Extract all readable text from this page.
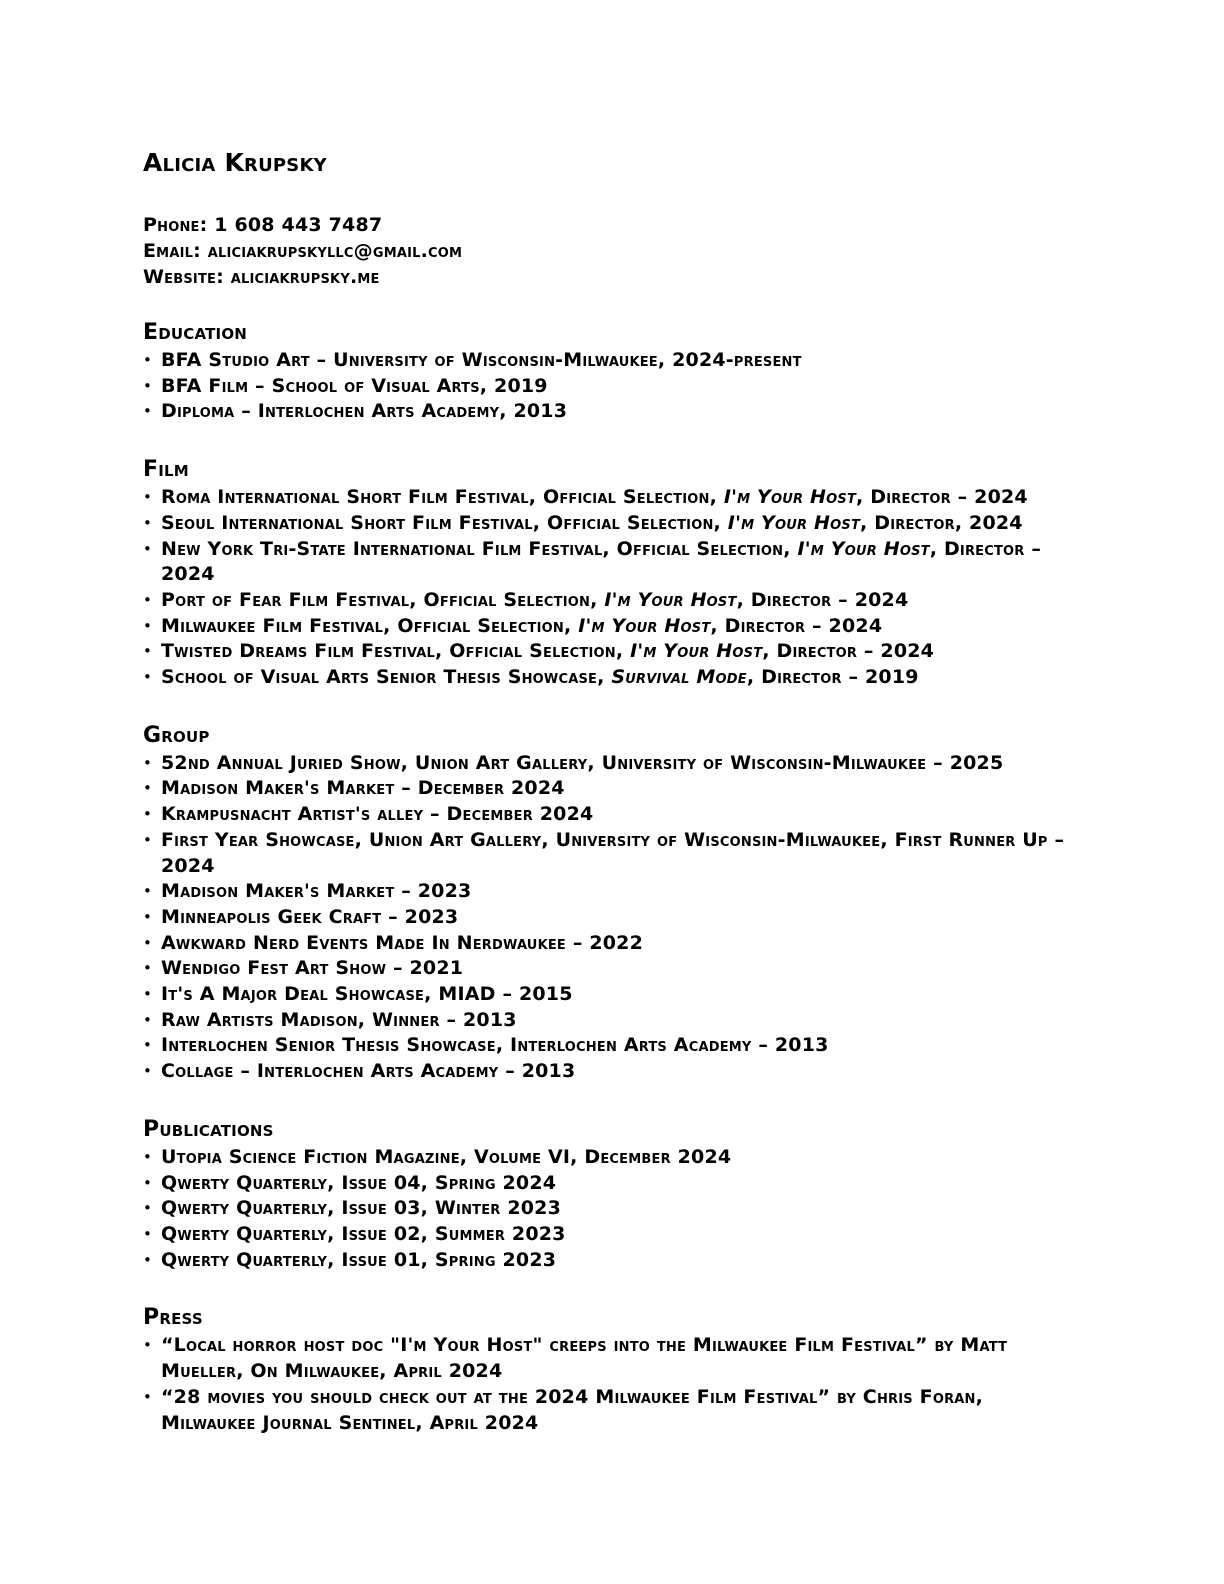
Alicia Krupsky
Phone: 1 608 443 7487
Email: aliciakrupskyllc@gmail.com
Website: aliciakrupsky.me
Education
• BFA Studio Art – University of Wisconsin-Milwaukee, 2024-present
• BFA Film – School of Visual Arts, 2019
• Diploma – Interlochen Arts Academy, 2013
Film
• Roma International Short Film Festival, Official Selection, I'm Your Host, Director – 2024
• Seoul International Short Film Festival, Official Selection, I'm Your Host, Director, 2024
• New York Tri-State International Film Festival, Official Selection, I'm Your Host, Director – 2024
• Port of Fear Film Festival, Official Selection, I'm Your Host, Director – 2024
• Milwaukee Film Festival, Official Selection, I'm Your Host, Director – 2024
• Twisted Dreams Film Festival, Official Selection, I'm Your Host, Director – 2024
• School of Visual Arts Senior Thesis Showcase, Survival Mode, Director – 2019
Group
• 52nd Annual Juried Show, Union Art Gallery, University of Wisconsin-Milwaukee – 2025
• Madison Maker's Market – December 2024
• Krampusnacht Artist's alley – December 2024
• First Year Showcase, Union Art Gallery, University of Wisconsin-Milwaukee, First Runner Up – 2024
• Madison Maker's Market – 2023
• Minneapolis Geek Craft – 2023
• Awkward Nerd Events Made In Nerdwaukee – 2022
• Wendigo Fest Art Show – 2021
• It's A Major Deal Showcase, MIAD – 2015
• Raw Artists Madison, Winner – 2013
• Interlochen Senior Thesis Showcase, Interlochen Arts Academy – 2013
• Collage – Interlochen Arts Academy – 2013
Publications
• Utopia Science Fiction Magazine, Volume VI, December 2024
• Qwerty Quarterly, Issue 04, Spring 2024
• Qwerty Quarterly, Issue 03, Winter 2023
• Qwerty Quarterly, Issue 02, Summer 2023
• Qwerty Quarterly, Issue 01, Spring 2023
Press
• “Local horror host doc "I'm Your Host" creeps into the Milwaukee Film Festival” by Matt Mueller, On Milwaukee, April 2024
• “28 movies you should check out at the 2024 Milwaukee Film Festival” by Chris Foran, Milwaukee Journal Sentinel, April 2024
